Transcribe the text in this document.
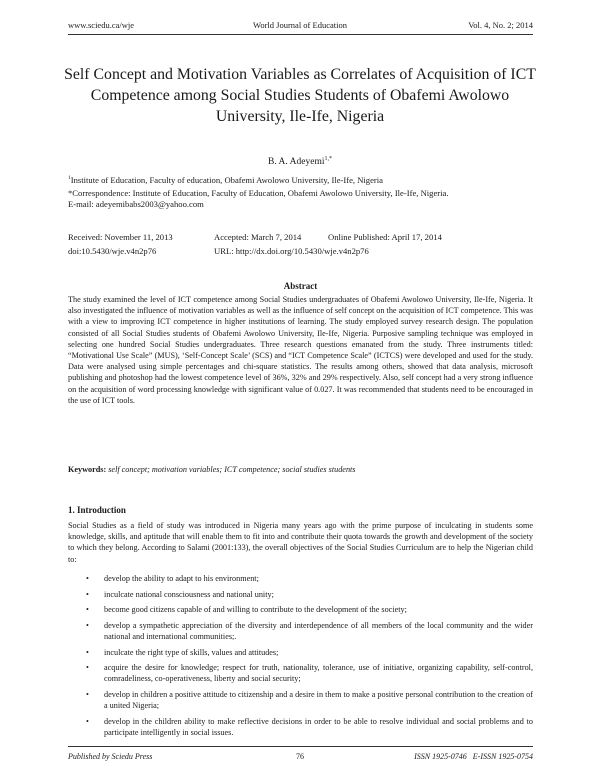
www.sciedu.ca/wje	World Journal of Education	Vol. 4, No. 2; 2014
Self Concept and Motivation Variables as Correlates of Acquisition of ICT Competence among Social Studies Students of Obafemi Awolowo University, Ile-Ife, Nigeria
B. A. Adeyemi$^{1,*}$
$^1$Institute of Education, Faculty of education, Obafemi Awolowo University, Ile-Ife, Nigeria
*Correspondence: Institute of Education, Faculty of Education, Obafemi Awolowo University, Ile-Ife, Nigeria.
E-mail: adeyemibabs2003@yahoo.com
Received: November 11, 2013	Accepted: March 7, 2014	Online Published: April 17, 2014
doi:10.5430/wje.v4n2p76	URL: http://dx.doi.org/10.5430/wje.v4n2p76
Abstract
The study examined the level of ICT competence among Social Studies undergraduates of Obafemi Awolowo University, Ile-Ife, Nigeria. It also investigated the influence of motivation variables as well as the influence of self concept on the acquisition of ICT competence. This was with a view to improving ICT competence in higher institutions of learning. The study employed survey research design. The population consisted of all Social Studies students of Obafemi Awolowo University, Ile-Ife, Nigeria. Purposive sampling technique was employed in selecting one hundred Social Studies undergraduates. Three research questions emanated from the study. Three instruments titled: “Motivational Use Scale” (MUS), ‘Self-Concept Scale’ (SCS) and “ICT Competence Scale” (ICTCS) were developed and used for the study. Data were analysed using simple percentages and chi-square statistics. The results among others, showed that data analysis, microsoft publishing and photoshop had the lowest competence level of 36%, 32% and 29% respectively. Also, self concept had a very strong influence on the acquisition of word processing knowledge with significant value of 0.027. It was recommended that students need to be encouraged in the use of ICT tools.
Keywords: self concept; motivation variables; ICT competence; social studies students
1. Introduction
Social Studies as a field of study was introduced in Nigeria many years ago with the prime purpose of inculcating in students some knowledge, skills, and aptitude that will enable them to fit into and contribute their quota towards the growth and development of the society to which they belong. According to Salami (2001:133), the overall objectives of the Social Studies Curriculum are to help the Nigerian child to:
• develop the ability to adapt to his environment;
• inculcate national consciousness and national unity;
• become good citizens capable of and willing to contribute to the development of the society;
• develop a sympathetic appreciation of the diversity and interdependence of all members of the local community and the wider national and international communities;.
• inculcate the right type of skills, values and attitudes;
• acquire the desire for knowledge; respect for truth, nationality, tolerance, use of initiative, organizing capability, self-control, comradeliness, co-operativeness, liberty and social security;
• develop in children a positive attitude to citizenship and a desire in them to make a positive personal contribution to the creation of a united Nigeria;
• develop in the children ability to make reflective decisions in order to be able to resolve individual and social problems and to participate intelligently in social issues.
Published by Sciedu Press	76	ISSN 1925-0746   E-ISSN 1925-0754
